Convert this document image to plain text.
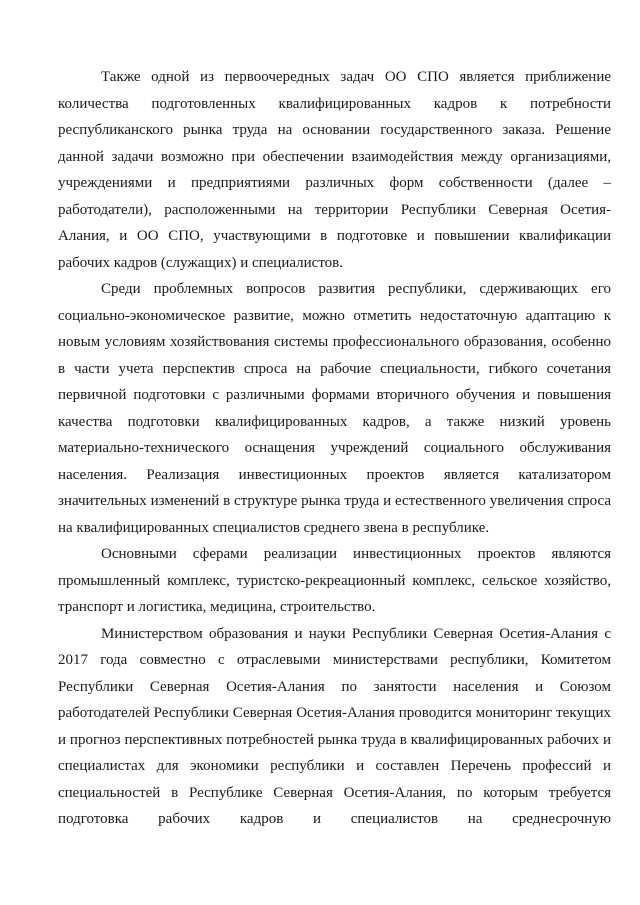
Также одной из первоочередных задач ОО СПО является приближение количества подготовленных квалифицированных кадров к потребности республиканского рынка труда на основании государственного заказа. Решение данной задачи возможно при обеспечении взаимодействия между организациями, учреждениями и предприятиями различных форм собственности (далее – работодатели), расположенными на территории Республики Северная Осетия-Алания, и ОО СПО, участвующими в подготовке и повышении квалификации рабочих кадров (служащих) и специалистов.

Среди проблемных вопросов развития республики, сдерживающих его социально-экономическое развитие, можно отметить недостаточную адаптацию к новым условиям хозяйствования системы профессионального образования, особенно в части учета перспектив спроса на рабочие специальности, гибкого сочетания первичной подготовки с различными формами вторичного обучения и повышения качества подготовки квалифицированных кадров, а также низкий уровень материально-технического оснащения учреждений социального обслуживания населения. Реализация инвестиционных проектов является катализатором значительных изменений в структуре рынка труда и естественного увеличения спроса на квалифицированных специалистов среднего звена в республике.

Основными сферами реализации инвестиционных проектов являются промышленный комплекс, туристско-рекреационный комплекс, сельское хозяйство, транспорт и логистика, медицина, строительство.

Министерством образования и науки Республики Северная Осетия-Алания с 2017 года совместно с отраслевыми министерствами республики, Комитетом Республики Северная Осетия-Алания по занятости населения и Союзом работодателей Республики Северная Осетия-Алания проводится мониторинг текущих и прогноз перспективных потребностей рынка труда в квалифицированных рабочих и специалистах для экономики республики и составлен Перечень профессий и специальностей в Республике Северная Осетия-Алания, по которым требуется подготовка рабочих кадров и специалистов на среднесрочную
